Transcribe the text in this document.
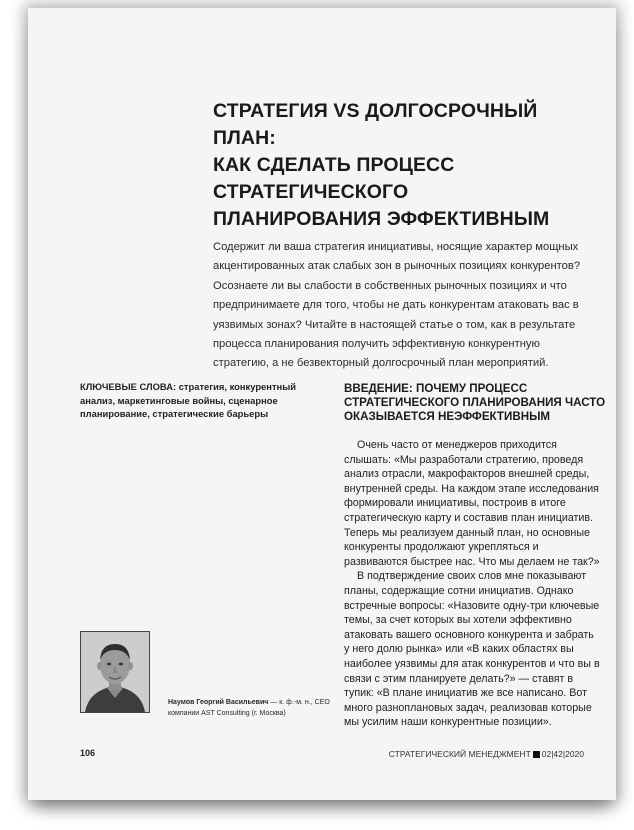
СТРАТЕГИЯ VS ДОЛГОСРОЧНЫЙ ПЛАН:
КАК СДЕЛАТЬ ПРОЦЕСС СТРАТЕГИЧЕСКОГО
ПЛАНИРОВАНИЯ ЭФФЕКТИВНЫМ
Содержит ли ваша стратегия инициативы, носящие характер мощных акцентированных атак слабых зон в рыночных позициях конкурентов? Осознаете ли вы слабости в собственных рыночных позициях и что предпринимаете для того, чтобы не дать конкурентам атаковать вас в уязвимых зонах? Читайте в настоящей статье о том, как в результате процесса планирования получить эффективную конкурентную стратегию, а не безвекторный долгосрочный план мероприятий.
КЛЮЧЕВЫЕ СЛОВА: стратегия, конкурентный анализ, маркетинговые войны, сценарное планирование, стратегические барьеры
ВВЕДЕНИЕ: ПОЧЕМУ ПРОЦЕСС СТРАТЕГИЧЕСКОГО ПЛАНИРОВАНИЯ ЧАСТО ОКАЗЫВАЕТСЯ НЕЭФФЕКТИВНЫМ

Очень часто от менеджеров приходится слышать: «Мы разработали стратегию, проведя анализ отрасли, макрофакторов внешней среды, внутренней среды. На каждом этапе исследования формировали инициативы, построив в итоге стратегическую карту и составив план инициатив. Теперь мы реализуем данный план, но основные конкуренты продолжают укрепляться и развиваются быстрее нас. Что мы делаем не так?»

В подтверждение своих слов мне показывают планы, содержащие сотни инициатив. Однако встречные вопросы: «Назовите одну-три ключевые темы, за счет которых вы хотели эффективно атаковать вашего основного конкурента и забрать у него долю рынка» или «В каких областях вы наиболее уязвимы для атак конкурентов и что вы в связи с этим планируете делать?» — ставят в тупик: «В плане инициатив же все написано. Вот много разноплановых задач, реализовав которые мы усилим наши конкурентные позиции».

Наумов Георгий Васильевич — к. ф.-м. н., CEO компании AST Consulting (г. Москва)
106	СТРАТЕГИЧЕСКИЙ МЕНЕДЖМЕНТ 02|42|2020
